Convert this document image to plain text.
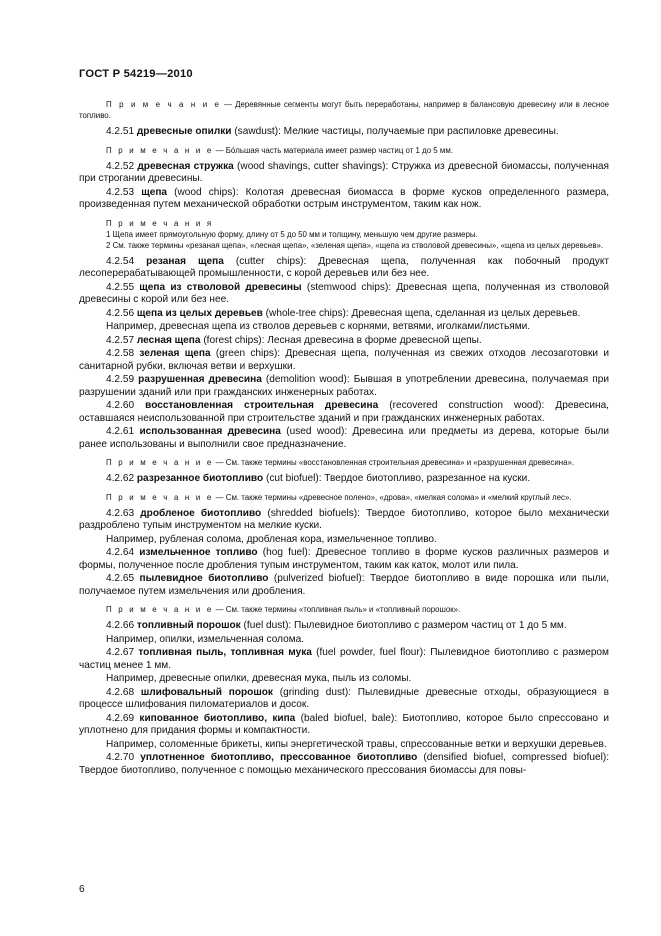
ГОСТ Р 54219—2010

П р и м е ч а н и е — Деревянные сегменты могут быть переработаны, например в балансовую древесину или в лесное топливо.

4.2.51 древесные опилки (sawdust): Мелкие частицы, получаемые при распиловке древесины.

П р и м е ч а н и е — Бо́льшая часть материала имеет размер частиц от 1 до 5 мм.

4.2.52 древесная стружка (wood shavings, cutter shavings): Стружка из древесной биомассы, полученная при строгании древесины.

4.2.53 щепа (wood chips): Колотая древесная биомасса в форме кусков определенного размера, произведенная путем механической обработки острым инструментом, таким как нож.

П р и м е ч а н и я

1 Щепа имеет прямоугольную форму, длину от 5 до 50 мм и толщину, меньшую чем другие размеры.

2 См. также термины «резаная щепа», «лесная щепа», «зеленая щепа», «щепа из стволовой древесины», «щепа из целых деревьев».

4.2.54 резаная щепа (cutter chips): Древесная щепа, полученная как побочный продукт лесоперерабатывающей промышленности, с корой деревьев или без нее.

4.2.55 щепа из стволовой древесины (stemwood chips): Древесная щепа, полученная из стволовой древесины с корой или без нее.

4.2.56 щепа из целых деревьев (whole-tree chips): Древесная щепа, сделанная из целых деревьев.

Например, древесная щепа из стволов деревьев с корнями, ветвями, иголками/листьями.

4.2.57 лесная щепа (forest chips): Лесная древесина в форме древесной щепы.

4.2.58 зеленая щепа (green chips): Древесная щепа, полученная из свежих отходов лесозаготовки и санитарной рубки, включая ветви и верхушки.

4.2.59 разрушенная древесина (demolition wood): Бывшая в употреблении древесина, получаемая при разрушении зданий или при гражданских инженерных работах.

4.2.60 восстановленная строительная древесина (recovered construction wood): Древесина, оставшаяся неиспользованной при строительстве зданий и при гражданских инженерных работах.

4.2.61 использованная древесина (used wood): Древесина или предметы из дерева, которые были ранее использованы и выполнили свое предназначение.

П р и м е ч а н и е — См. также термины «восстановленная строительная древесина» и «разрушенная древесина».

4.2.62 разрезанное биотопливо (cut biofuel): Твердое биотопливо, разрезанное на куски.

П р и м е ч а н и е — См. также термины «древесное полено», «дрова», «мелкая солома» и «мелкий круглый лес».

4.2.63 дробленое биотопливо (shredded biofuels): Твердое биотопливо, которое было механически раздроблено тупым инструментом на мелкие куски.

Например, рубленая солома, дробленая кора, измельченное топливо.

4.2.64 измельченное топливо (hog fuel): Древесное топливо в форме кусков различных размеров и формы, полученное после дробления тупым инструментом, таким как каток, молот или пила.

4.2.65 пылевидное биотопливо (pulverized biofuel): Твердое биотопливо в виде порошка или пыли, получаемое путем измельчения или дробления.

П р и м е ч а н и е — См. также термины «топливная пыль» и «топливный порошок».

4.2.66 топливный порошок (fuel dust): Пылевидное биотопливо с размером частиц от 1 до 5 мм.

Например, опилки, измельченная солома.

4.2.67 топливная пыль, топливная мука (fuel powder, fuel flour): Пылевидное биотопливо с размером частиц менее 1 мм.

Например, древесные опилки, древесная мука, пыль из соломы.

4.2.68 шлифовальный порошок (grinding dust): Пылевидные древесные отходы, образующиеся в процессе шлифования пиломатериалов и досок.

4.2.69 кипованное биотопливо, кипа (baled biofuel, bale): Биотопливо, которое было спрессовано и уплотнено для придания формы и компактности.

Например, соломенные брикеты, кипы энергетической травы, спрессованные ветки и верхушки деревьев.

4.2.70 уплотненное биотопливо, прессованное биотопливо (densified biofuel, compressed biofuel): Твердое биотопливо, полученное с помощью механического прессования биомассы для повы-

6
